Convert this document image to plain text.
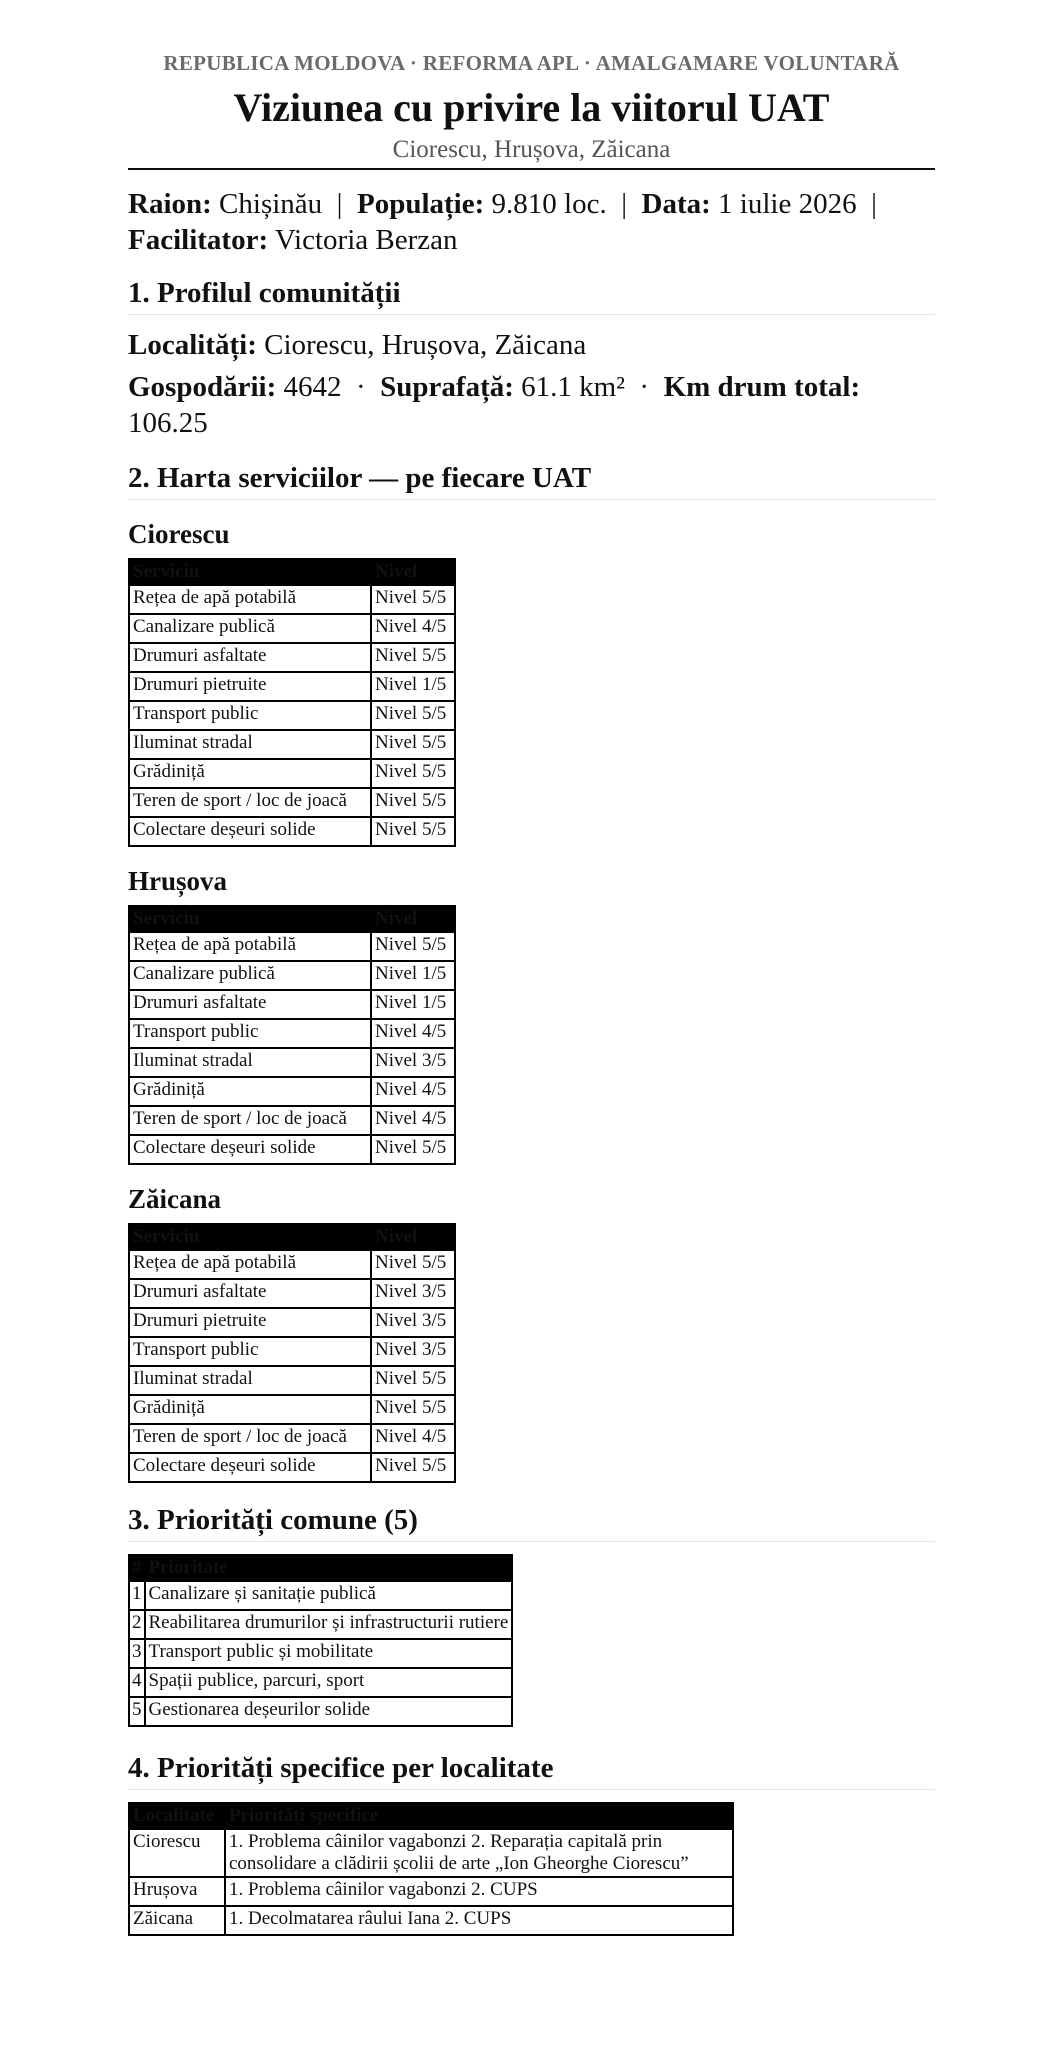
REPUBLICA MOLDOVA · REFORMA APL · AMALGAMARE VOLUNTARĂ
Viziunea cu privire la viitorul UAT
Ciorescu, Hrușova, Zăicana
Raion: Chișinău | Populație: 9.810 loc. | Data: 1 iulie 2026 |  Facilitator: Victoria Berzan
1. Profilul comunității
Localități: Ciorescu, Hrușova, Zăicana
Gospodării: 4642 · Suprafață: 61.1 km² · Km drum total: 106.25
2. Harta serviciilor — pe fiecare UAT
Ciorescu
Serviciu	Nivel
Rețea de apă potabilă	Nivel 5/5
Canalizare publică	Nivel 4/5
Drumuri asfaltate	Nivel 5/5
Drumuri pietruite	Nivel 1/5
Transport public	Nivel 5/5
Iluminat stradal	Nivel 5/5
Grădiniță	Nivel 5/5
Teren de sport / loc de joacă	Nivel 5/5
Colectare deșeuri solide	Nivel 5/5
Hrușova
Serviciu	Nivel
Rețea de apă potabilă	Nivel 5/5
Canalizare publică	Nivel 1/5
Drumuri asfaltate	Nivel 1/5
Transport public	Nivel 4/5
Iluminat stradal	Nivel 3/5
Grădiniță	Nivel 4/5
Teren de sport / loc de joacă	Nivel 4/5
Colectare deșeuri solide	Nivel 5/5
Zăicana
Serviciu	Nivel
Rețea de apă potabilă	Nivel 5/5
Drumuri asfaltate	Nivel 3/5
Drumuri pietruite	Nivel 3/5
Transport public	Nivel 3/5
Iluminat stradal	Nivel 5/5
Grădiniță	Nivel 5/5
Teren de sport / loc de joacă	Nivel 4/5
Colectare deșeuri solide	Nivel 5/5
3. Priorități comune (5)
#	Prioritate
1	Canalizare și sanitație publică
2	Reabilitarea drumurilor și infrastructurii rutiere
3	Transport public și mobilitate
4	Spații publice, parcuri, sport
5	Gestionarea deșeurilor solide
4. Priorități specifice per localitate
Localitate	Priorități specifice
Ciorescu	1. Problema câinilor vagabonzi 2. Reparația capitală prin consolidare a clădirii școlii de arte „Ion Gheorghe Ciorescu”
Hrușova	1. Problema câinilor vagabonzi 2. CUPS
Zăicana	1. Decolmatarea râului Iana 2. CUPS
